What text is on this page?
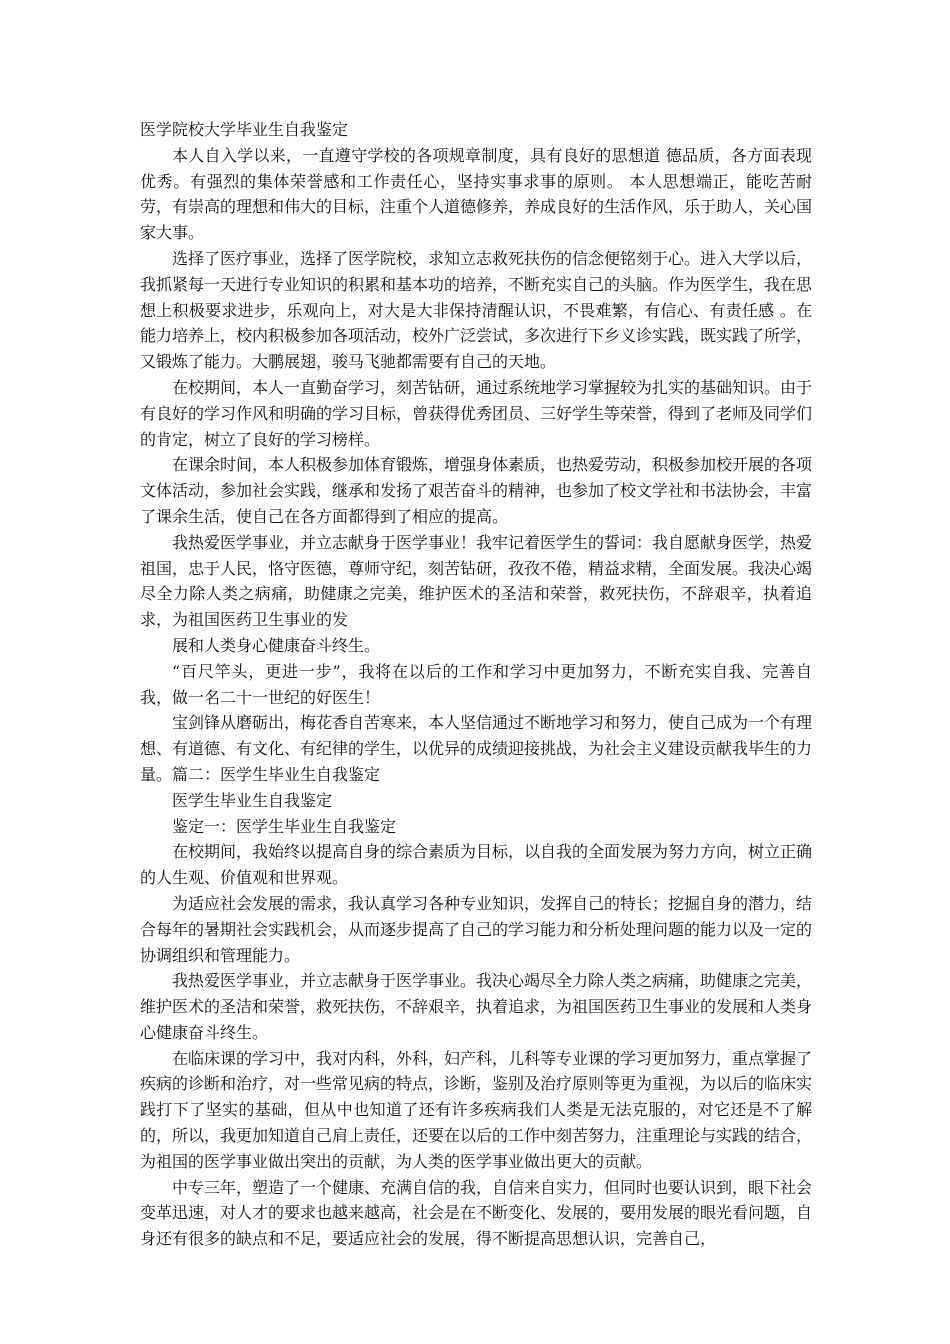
医学院校大学毕业生自我鉴定

本人自入学以来，一直遵守学校的各项规章制度，具有良好的思想道 德品质，各方面表现优秀。有强烈的集体荣誉感和工作责任心，坚持实事求事的原则。 本人思想端正，能吃苦耐劳，有崇高的理想和伟大的目标，注重个人道德修养，养成良好的生活作风，乐于助人，关心国家大事。

选择了医疗事业，选择了医学院校，求知立志救死扶伤的信念便铭刻于心。进入大学以后，我抓紧每一天进行专业知识的积累和基本功的培养，不断充实自己的头脑。作为医学生，我在思想上积极要求进步，乐观向上，对大是大非保持清醒认识，不畏难繁，有信心、有责任感 。在能力培养上，校内积极参加各项活动，校外广泛尝试，多次进行下乡义诊实践，既实践了所学，又锻炼了能力。大鹏展翅，骏马飞驰都需要有自己的天地。

在校期间，本人一直勤奋学习，刻苦钻研，通过系统地学习掌握较为扎实的基础知识。由于有良好的学习作风和明确的学习目标，曾获得优秀团员、三好学生等荣誉，得到了老师及同学们的肯定，树立了良好的学习榜样。

在课余时间，本人积极参加体育锻炼，增强身体素质，也热爱劳动，积极参加校开展的各项文体活动，参加社会实践，继承和发扬了艰苦奋斗的精神，也参加了校文学社和书法协会，丰富了课余生活，使自己在各方面都得到了相应的提高。

我热爱医学事业，并立志献身于医学事业！我牢记着医学生的誓词：我自愿献身医学，热爱祖国，忠于人民，恪守医德，尊师守纪，刻苦钻研，孜孜不倦，精益求精，全面发展。我决心竭尽全力除人类之病痛，助健康之完美，维护医术的圣洁和荣誉，救死扶伤，不辞艰辛，执着追求，为祖国医药卫生事业的发

展和人类身心健康奋斗终生。

“百尺竿头，更进一步”，我将在以后的工作和学习中更加努力，不断充实自我、完善自我，做一名二十一世纪的好医生！

宝剑锋从磨砺出，梅花香自苦寒来，本人坚信通过不断地学习和努力，使自己成为一个有理想、有道德、有文化、有纪律的学生，以优异的成绩迎接挑战，为社会主义建设贡献我毕生的力量。篇二：医学生毕业生自我鉴定

医学生毕业生自我鉴定

鉴定一：医学生毕业生自我鉴定

在校期间，我始终以提高自身的综合素质为目标，以自我的全面发展为努力方向，树立正确的人生观、价值观和世界观。

为适应社会发展的需求，我认真学习各种专业知识，发挥自己的特长；挖掘自身的潜力，结合每年的暑期社会实践机会，从而逐步提高了自己的学习能力和分析处理问题的能力以及一定的协调组织和管理能力。

我热爱医学事业，并立志献身于医学事业。我决心竭尽全力除人类之病痛，助健康之完美，维护医术的圣洁和荣誉，救死扶伤，不辞艰辛，执着追求，为祖国医药卫生事业的发展和人类身心健康奋斗终生。

在临床课的学习中，我对内科，外科，妇产科，儿科等专业课的学习更加努力，重点掌握了疾病的诊断和治疗，对一些常见病的特点，诊断，鉴别及治疗原则等更为重视，为以后的临床实践打下了坚实的基础，但从中也知道了还有许多疾病我们人类是无法克服的，对它还是不了解的，所以，我更加知道自己肩上责任，还要在以后的工作中刻苦努力，注重理论与实践的结合，为祖国的医学事业做出突出的贡献，为人类的医学事业做出更大的贡献。

中专三年，塑造了一个健康、充满自信的我，自信来自实力，但同时也要认识到，眼下社会变革迅速，对人才的要求也越来越高，社会是在不断变化、发展的，要用发展的眼光看问题，自身还有很多的缺点和不足，要适应社会的发展，得不断提高思想认识，完善自己，
